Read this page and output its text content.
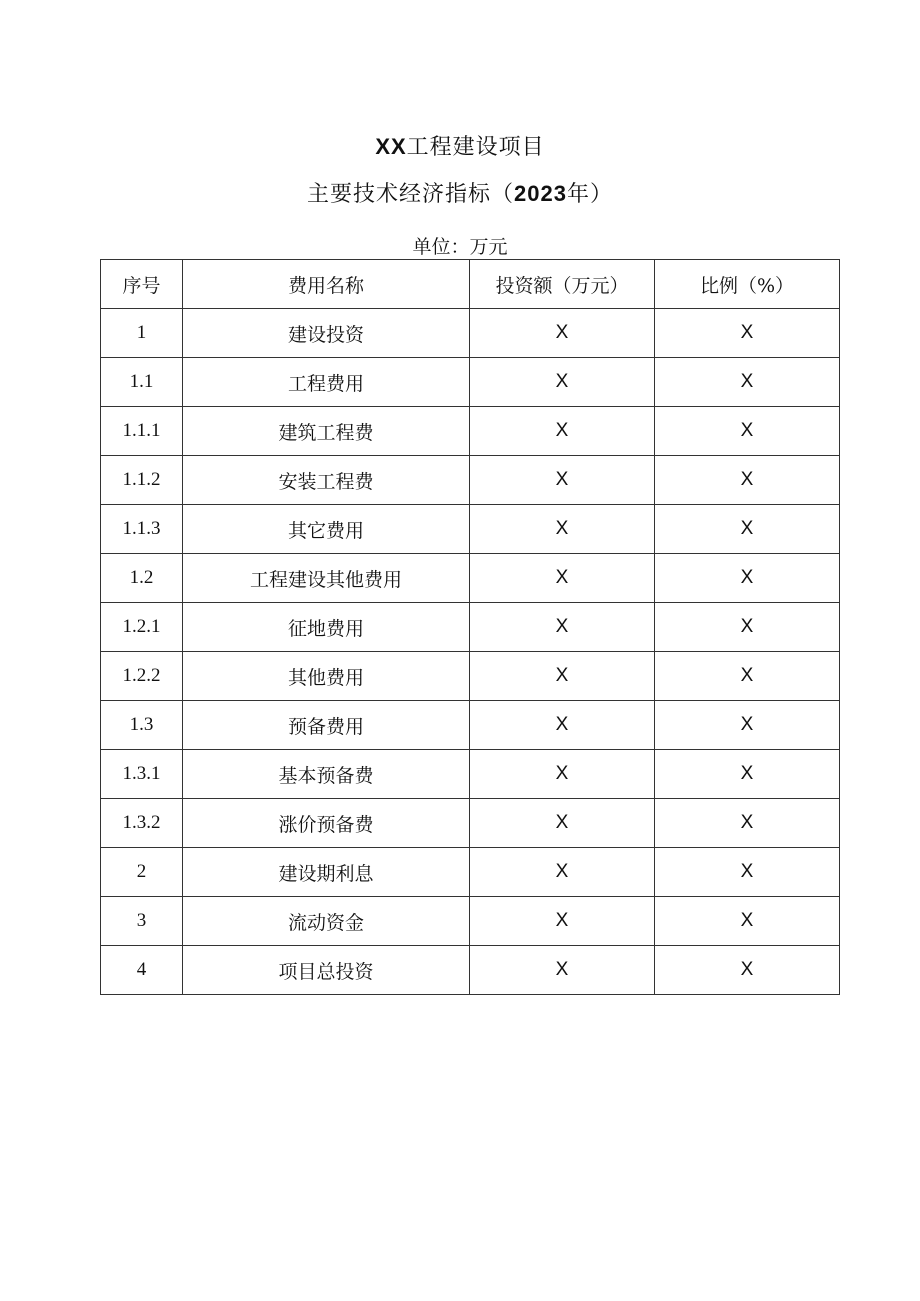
XX工程建设项目
主要技术经济指标（2023年）
单位：万元
序号	费用名称	投资额（万元）	比例（%）
1	建设投资	X	X
1.1	工程费用	X	X
1.1.1	建筑工程费	X	X
1.1.2	安装工程费	X	X
1.1.3	其它费用	X	X
1.2	工程建设其他费用	X	X
1.2.1	征地费用	X	X
1.2.2	其他费用	X	X
1.3	预备费用	X	X
1.3.1	基本预备费	X	X
1.3.2	涨价预备费	X	X
2	建设期利息	X	X
3	流动资金	X	X
4	项目总投资	X	X
